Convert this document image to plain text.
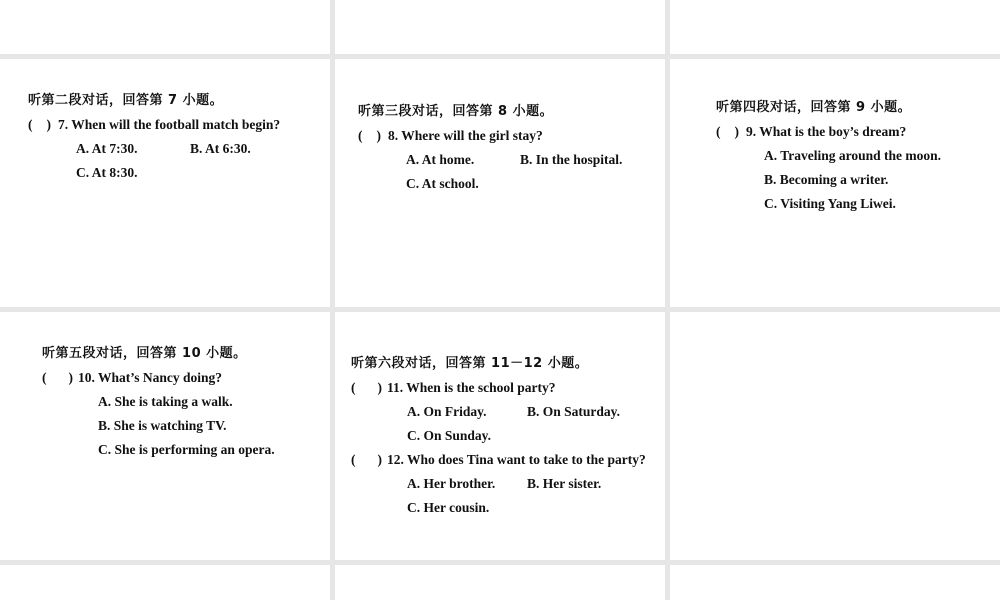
听第二段对话，回答第 7 小题。
( ) 7. When will the football match begin?
A. At 7:30.	B. At 6:30.
C. At 8:30.
听第三段对话，回答第 8 小题。
( ) 8. Where will the girl stay?
A. At home.	B. In the hospital.
C. At school.
听第四段对话，回答第 9 小题。
( ) 9. What is the boy’s dream?
A. Traveling around the moon.
B. Becoming a writer.
C. Visiting Yang Liwei.
听第五段对话，回答第 10 小题。
( ) 10. What’s Nancy doing?
A. She is taking a walk.
B. She is watching TV.
C. She is performing an opera.
听第六段对话，回答第 11－12 小题。
( ) 11. When is the school party?
A. On Friday.	B. On Saturday.
C. On Sunday.
( ) 12. Who does Tina want to take to the party?
A. Her brother.	B. Her sister.
C. Her cousin.
